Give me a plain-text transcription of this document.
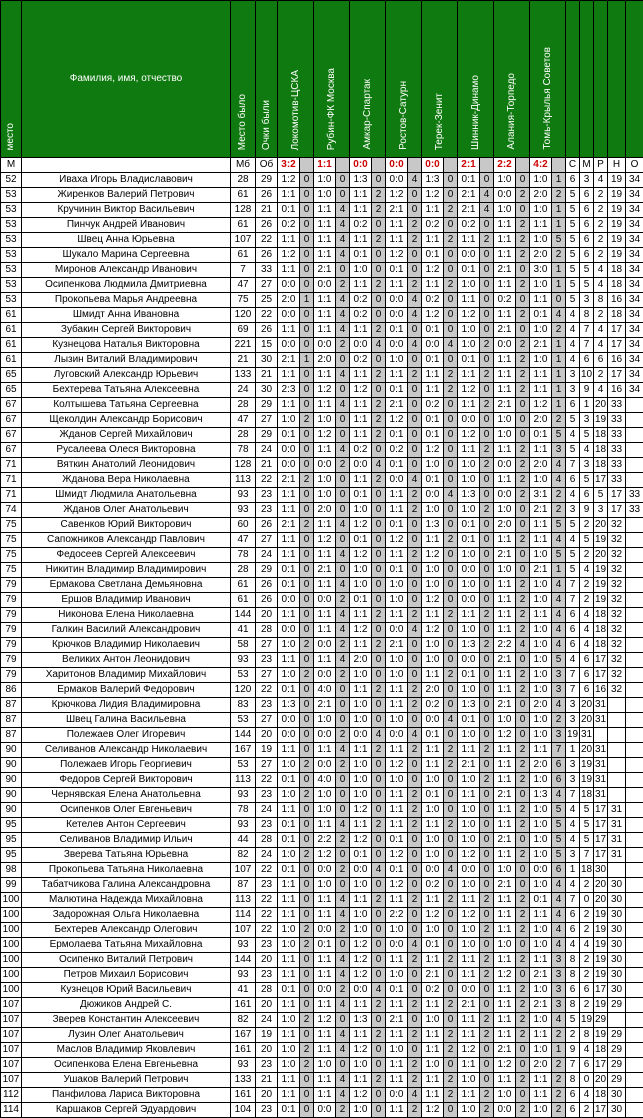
место	Фамилия, имя, отчество	Место было	Очки были	Локомотив-ЦСКА		Рубин-ФК Москва		Амкар-Спартак		Ростов-Сатурн		Терек-Зенит		Шинник-Динамо		Алания-Торпедо		Томь-Крылья Советов						
М		Мб	Об	3:2		1:1		0:0		0:0		0:0		2:1		2:2		4:2		С	М	Р	Н	О
52	Иваха Игорь Владиславович	28	29	1:2	0	1:0	0	1:3	0	0:0	4	1:3	0	0:1	0	1:0	0	1:0	1	6	3	4	19	34
53	Жиренков Валерий Петрович	61	26	1:1	0	1:0	0	1:1	2	1:2	0	1:2	0	2:1	4	0:0	2	2:0	2	5	6	2	19	34
53	Кручинин Виктор Васильевич	128	21	0:1	0	1:1	4	1:1	2	2:1	0	1:1	2	2:1	4	1:0	0	1:0	1	5	6	2	19	34
53	Пинчук Андрей Иванович	61	26	0:2	0	1:1	4	0:2	0	1:1	2	0:2	0	0:2	0	1:1	2	1:1	1	5	6	2	19	34
53	Швец Анна Юрьевна	107	22	1:1	0	1:1	4	1:1	2	1:1	2	1:1	2	1:1	2	1:1	2	1:0	5	5	6	2	19	34
53	Шукало Марина Сергеевна	61	26	1:2	0	1:1	4	0:1	0	1:2	0	0:1	0	0:0	0	1:1	2	2:0	2	5	6	2	19	34
53	Миронов Александр Иванович	7	33	1:1	0	2:1	0	1:0	0	0:1	0	1:2	0	0:1	0	2:1	0	3:0	1	5	5	4	18	34
53	Осипенкова Людмила Дмитриевна	47	27	0:0	0	0:0	2	1:1	2	1:1	2	1:1	2	1:0	0	1:1	2	1:0	1	5	5	4	18	34
53	Прокопьева Марья Андреевна	75	25	2:0	1	1:1	4	0:2	0	0:0	4	0:2	0	1:1	0	0:2	0	1:1	0	5	3	8	16	34
61	Шмидт Анна Ивановна	120	22	0:0	0	1:1	4	0:2	0	0:0	4	1:2	0	1:2	0	1:1	2	0:1	4	4	8	2	18	34
61	Зубакин Сергей Викторович	69	26	1:1	0	1:1	4	1:1	2	0:1	0	0:1	0	1:0	0	2:1	0	1:0	2	4	7	4	17	34
61	Кузнецова Наталья Викторовна	221	15	0:0	0	0:0	2	0:0	4	0:0	4	0:0	4	1:0	2	0:0	2	2:1	1	4	7	4	17	34
61	Лызин Виталий Владимирович	21	30	2:1	1	2:0	0	0:2	0	1:0	0	0:1	0	0:1	0	1:1	2	1:0	1	4	6	6	16	34
65	Луговский Александр Юрьевич	133	21	1:1	0	1:1	4	1:1	2	1:1	2	1:1	2	1:1	2	1:1	2	1:1	1	3	10	2	17	34
65	Бехтерева Татьяна Алексеевна	24	30	2:3	0	1:2	0	1:2	0	0:1	0	1:1	2	1:2	0	1:1	2	1:1	1	3	9	4	16	34
67	Колтышева Татьяна Сергеевна	28	29	1:1	0	1:1	4	1:1	2	2:1	0	0:2	0	1:1	2	2:1	0	1:2	1	6	1	20	33	
67	Щеколдин Александр Борисович	47	27	1:0	2	1:0	0	1:1	2	1:2	0	0:1	0	0:0	0	1:0	0	2:0	2	5	3	19	33	
67	Жданов Сергей Михайлович	28	29	0:1	0	1:2	0	1:1	2	0:1	0	0:1	0	1:2	0	1:0	0	0:1	5	4	5	18	33	
67	Русалеева Олеся Викторовна	78	24	0:0	0	1:1	4	0:2	0	0:2	0	1:2	0	1:1	2	1:1	2	1:1	3	5	4	18	33	
71	Вяткин Анатолий Леонидович	128	21	0:0	0	0:0	2	0:0	4	0:1	0	1:0	0	1:0	2	0:0	2	2:0	4	7	3	18	33	
71	Жданова Вера Николаевна	113	22	2:1	2	1:0	0	1:1	2	0:0	4	0:1	0	1:0	0	1:1	2	1:0	4	6	5	17	33	
71	Шмидт Людмила Анатольевна	93	23	1:1	0	1:0	0	0:1	0	1:1	2	0:0	4	1:3	0	0:0	2	3:1	2	4	6	5	17	33
74	Жданов Олег Анатольевич	93	23	1:1	0	2:0	0	1:0	0	1:1	2	1:0	0	1:0	2	1:0	0	2:1	2	3	9	3	17	33
75	Савенков Юрий Викторович	60	26	2:1	2	1:1	4	1:2	0	0:1	0	1:3	0	0:1	0	2:0	0	1:1	5	5	2	20	32	
75	Сапожников Александр Павлович	47	27	1:1	0	1:2	0	0:1	0	1:2	0	1:1	2	0:1	0	1:1	2	1:1	4	4	5	19	32	
75	Федосеев Сергей Алексеевич	78	24	1:1	0	1:1	4	1:2	0	1:1	2	1:2	0	1:0	0	2:1	0	1:0	5	5	2	20	32	
75	Никитин Владимир Владимирович	28	29	0:1	0	2:1	0	1:0	0	0:1	0	1:0	0	0:0	0	1:0	0	2:1	1	5	4	19	32	
79	Ермакова Светлана Демьяновна	61	26	0:1	0	1:1	4	1:0	0	1:0	0	1:0	0	1:0	0	1:1	2	1:0	4	7	2	19	32	
79	Ершов Владимир Иванович	61	26	0:0	0	0:0	2	0:1	0	1:0	0	1:2	0	0:0	0	1:1	2	1:0	4	7	2	19	32	
79	Никонова Елена Николаевна	144	20	1:1	0	1:1	4	1:1	2	1:1	2	1:1	2	1:1	2	1:1	2	1:1	4	6	4	18	32	
79	Галкин Василий Александрович	41	28	0:0	0	1:1	4	1:2	0	0:0	4	1:2	0	1:0	0	1:1	2	1:0	4	6	4	18	32	
79	Крючков Владимир Николаевич	58	27	1:0	2	0:0	2	1:1	2	2:1	0	1:0	0	1:3	2	2:2	4	1:0	4	6	4	18	32	
79	Великих Антон Леонидович	93	23	1:1	0	1:1	4	2:0	0	1:0	0	1:0	0	0:0	0	2:1	0	1:0	5	4	6	17	32	
79	Харитонов Владимир Михайлович	53	27	1:0	2	0:0	2	1:0	0	1:0	0	1:1	2	0:1	0	1:1	2	1:0	3	7	6	17	32	
86	Ермаков Валерий Федорович	120	22	0:1	0	4:0	0	1:1	2	1:1	2	2:0	0	1:0	0	1:1	2	1:0	3	7	6	16	32	
87	Крючкова Лидия Владимировна	83	23	1:3	0	2:1	0	1:0	0	1:1	2	0:2	0	1:3	0	2:1	0	2:0	4	3	20	31		
87	Швец Галина Васильевна	53	27	0:0	0	1:0	0	1:0	0	1:0	0	0:0	4	0:1	0	1:0	0	1:0	2	3	20	31		
87	Полежаев Олег Игоревич	144	20	0:0	0	0:0	2	0:0	4	0:0	4	0:1	0	1:0	0	1:2	0	1:0	3	19	31			
90	Селиванов Александр Николаевич	167	19	1:1	0	1:1	4	1:1	2	1:1	2	1:1	2	1:1	2	1:1	2	1:1	7	1	20	31		
90	Полежаев Игорь Георгиевич	53	27	1:0	2	0:0	2	1:0	0	1:2	0	1:1	2	2:1	0	1:1	2	2:0	6	3	19	31		
90	Федоров Сергей Викторович	113	22	0:1	0	4:0	0	1:0	0	1:0	0	1:0	0	1:0	2	1:1	2	1:0	6	3	19	31		
90	Чернявская Елена Анатольевна	93	23	1:0	2	1:0	0	1:0	0	1:1	2	0:1	0	1:1	0	2:1	0	1:3	4	7	18	31		
90	Осипенков Олег Евгеньевич	78	24	1:1	0	1:0	0	1:2	0	1:1	2	1:0	0	1:0	0	1:1	2	1:0	5	4	5	17	31	
95	Кетелев Антон Сергеевич	93	23	0:1	0	1:1	4	1:1	2	1:1	2	1:1	2	1:0	0	1:1	2	1:0	5	4	5	17	31	
95	Селиванов Владимир Ильич	44	28	0:1	0	2:2	2	1:2	0	0:1	0	1:0	0	1:0	0	2:1	0	1:0	5	4	5	17	31	
95	Зверева Татьяна Юрьевна	82	24	1:0	2	1:2	0	0:1	0	1:2	0	1:0	0	1:2	0	1:1	2	1:0	5	3	7	17	31	
98	Прокопьева Татьяна Николаевна	107	22	0:1	0	0:0	2	0:0	4	0:1	0	0:0	4	0:0	0	1:0	0	0:0	6	1	18	30		
99	Табатчикова Галина Александровна	87	23	1:1	0	1:0	0	1:0	0	1:2	0	0:2	0	1:0	0	2:1	0	1:0	4	4	2	20	30	
100	Малютина Надежда Михайловна	113	22	1:1	0	1:1	4	1:1	2	1:1	2	1:1	2	1:1	2	1:1	2	0:1	4	7	0	20	30	
100	Задорожная Ольга Николаевна	114	22	1:1	0	1:1	4	1:0	0	2:2	0	1:2	0	1:2	0	1:1	2	1:1	4	6	2	19	30	
100	Бехтерев Александр Олегович	107	22	1:0	2	0:0	2	1:0	0	1:0	0	1:0	0	1:0	2	1:1	2	1:0	4	6	2	19	30	
100	Ермолаева Татьяна Михайловна	93	23	1:0	2	0:1	0	1:2	0	0:0	4	0:1	0	1:0	0	1:0	0	1:0	4	4	4	19	30	
100	Осипенко Виталий Петрович	144	20	1:1	0	1:1	4	1:2	0	1:1	2	1:1	2	1:1	2	1:1	2	1:1	3	8	2	19	30	
100	Петров Михаил Борисович	93	23	1:1	0	1:1	4	1:2	0	1:0	0	2:1	0	1:1	2	1:2	0	2:1	3	8	2	19	30	
100	Кузнецов Юрий Васильевич	41	28	0:1	0	0:0	2	0:0	4	0:1	0	0:2	0	0:0	0	1:1	2	1:0	3	6	6	17	30	
107	Дюжиков Андрей С.	161	20	1:1	0	1:1	4	1:1	2	1:1	2	1:1	2	2:1	0	1:1	2	2:1	3	8	2	19	29	
107	Зверев Константин Алексеевич	82	24	1:0	2	1:2	0	1:3	0	2:1	0	1:0	0	1:1	2	1:1	2	1:0	4	5	19	29		
107	Лузин Олег Анатольевич	167	19	1:1	0	1:1	4	1:1	2	1:1	2	1:1	2	1:1	2	1:1	2	1:1	2	2	8	19	29	
107	Маслов Владимир Яковлевич	161	20	1:0	2	1:1	4	1:2	0	1:0	0	1:1	2	1:2	0	2:1	0	1:0	1	9	4	18	29	
107	Осипенкова Елена Евгеньевна	93	23	1:0	2	1:0	0	1:0	0	1:1	2	1:0	0	1:1	0	1:2	0	2:0	2	7	6	17	29	
107	Ушаков Валерий Петрович	133	21	1:1	0	1:1	4	1:1	2	1:1	2	1:1	2	1:0	0	1:1	2	1:1	2	8	0	20	29	
112	Панфилова Лариса Викторовна	161	20	1:1	0	1:1	4	1:2	0	0:0	4	1:1	2	1:1	2	1:0	0	1:1	2	6	4	18	30	
114	Каршаков Сергей Эдуардович	104	23	0:1	0	0:0	2	1:0	0	1:1	2	1:2	0	1:0	2	0:0	2	1:0	2	6	2	17	30	
